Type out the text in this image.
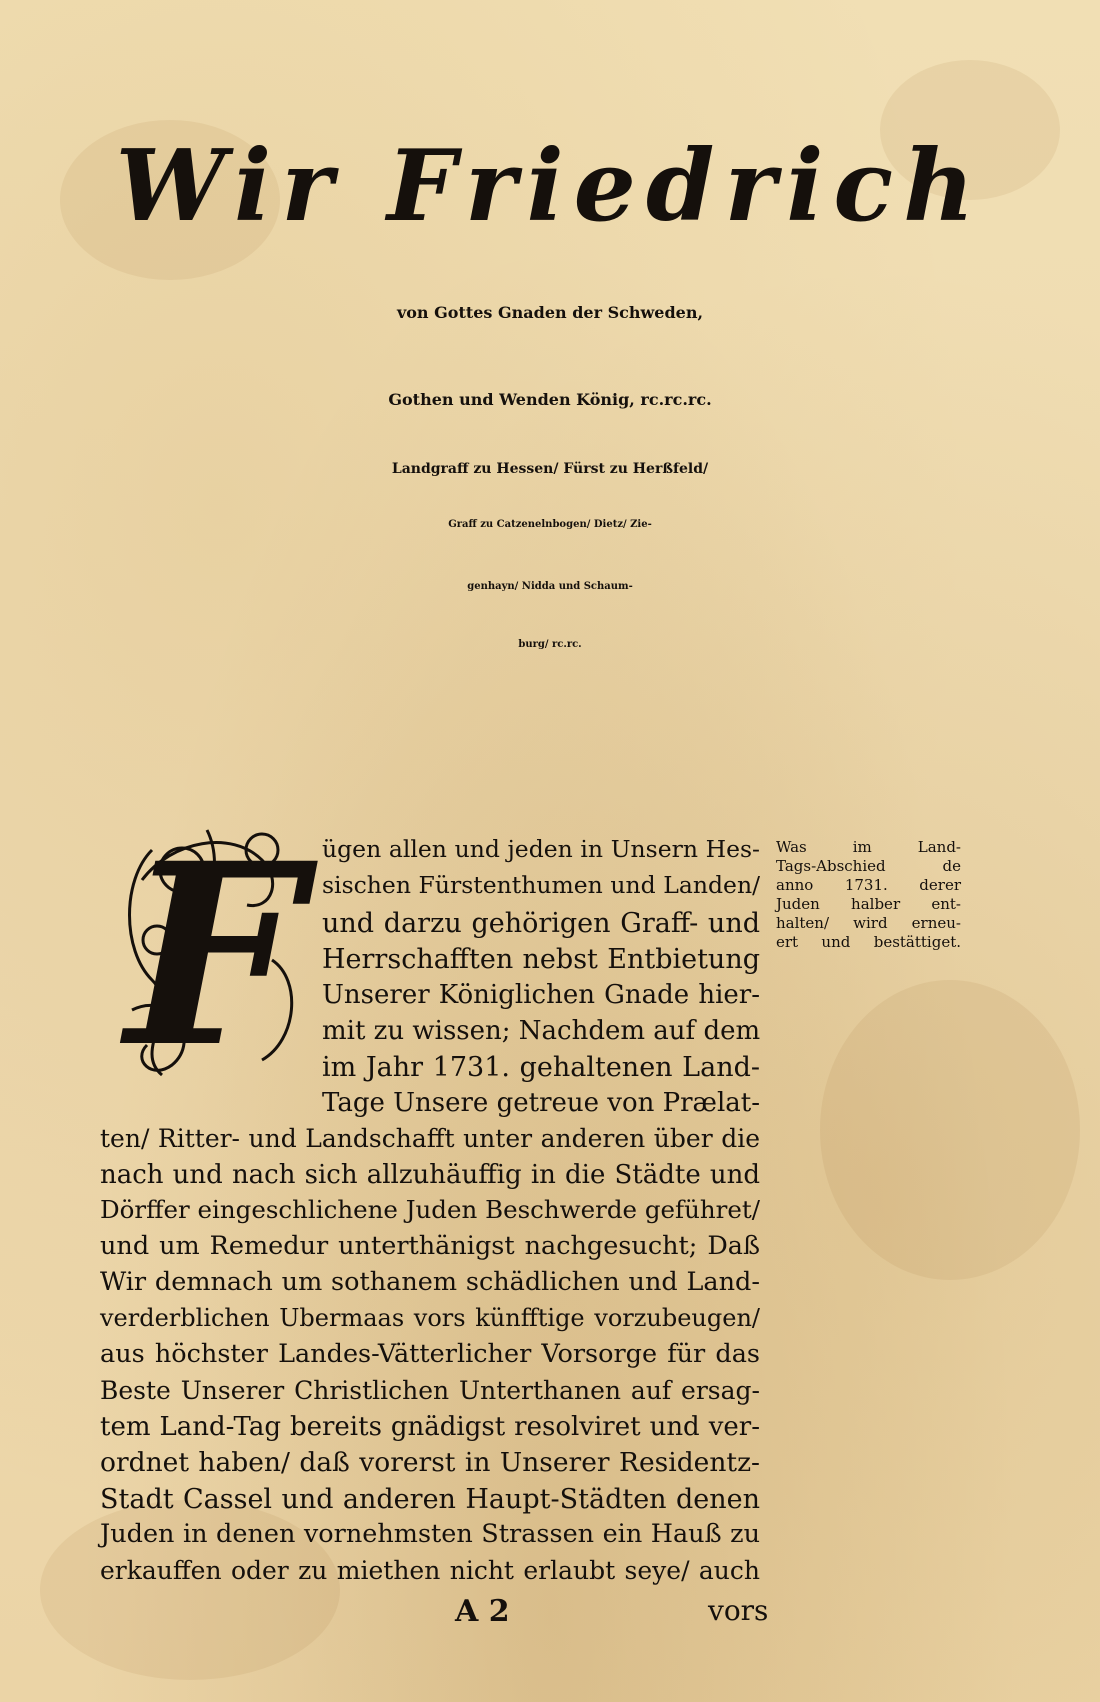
Wir Friedrich
von Gottes Gnaden der Schweden,
Gothen und Wenden König, rc.rc.rc.
Landgraff zu Hessen/ Fürst zu Herßfeld/
Graff zu Catzenelnbogen/ Dietz/ Zie-
genhayn/ Nidda und Schaum-
burg/ rc.rc.
F ügen allen und jeden in Unsern Hes-
sischen Fürstenthumen und Landen/
und darzu gehörigen Graff- und
Herrschafften nebst Entbietung
Unserer Königlichen Gnade hier-
mit zu wissen; Nachdem auf dem
im Jahr 1731. gehaltenen Land-
Tage Unsere getreue von Prælat-
ten/ Ritter- und Landschafft unter anderen über die
nach und nach sich allzuhäuffig in die Städte und
Dörffer eingeschlichene Juden Beschwerde geführet/
und um Remedur unterthänigst nachgesucht; Daß
Wir demnach um sothanem schädlichen und Land-
verderblichen Ubermaas vors künfftige vorzubeugen/
aus höchster Landes-Vätterlicher Vorsorge für das
Beste Unserer Christlichen Unterthanen auf ersag-
tem Land-Tag bereits gnädigst resolviret und ver-
ordnet haben/ daß vorerst in Unserer Residentz-
Stadt Cassel und anderen Haupt-Städten denen
Juden in denen vornehmsten Strassen ein Hauß zu
erkauffen oder zu miethen nicht erlaubt seye/ auch
Was im Land-
Tags-Abschied de
anno 1731. derer
Juden halber ent-
halten/ wird erneu-
ert und bestättiget.
A 2	vors
